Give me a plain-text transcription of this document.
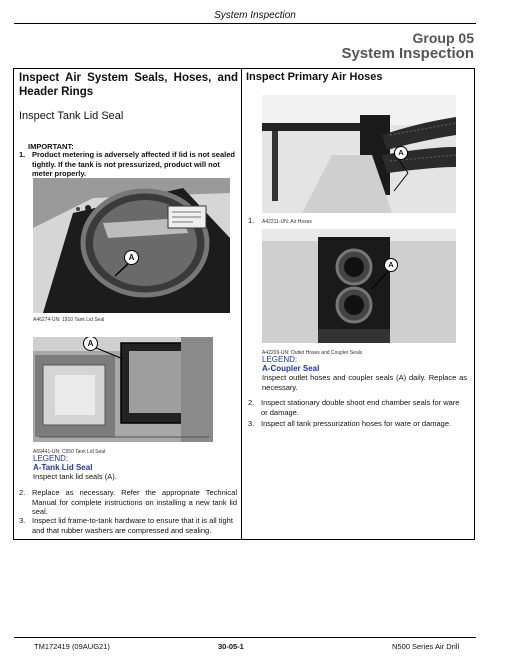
System Inspection
Group 05
System Inspection
Inspect Air System Seals, Hoses, and Header Rings
Inspect Tank Lid Seal
IMPORTANT:
1. Product metering is adversely affected if lid is not sealed tightly. If the tank is not pressurized, product will not meter properly.
A
A46274-UN: 1910 Tank Lid Seal
A
A69441-UN: C550 Tank Lid Seal
LEGEND:
A-Tank Lid Seal
Inspect tank lid seals (A).
2. Replace as necessary. Refer the appropriate Technical Manual for complete instructions on installing a new tank lid seal.
3. Inspect lid frame-to-tank hardware to ensure that it is all tight and that rubber washers are compressed and sealing.
Inspect Primary Air Hoses
A
1. A42211-UN: Air Hoses
A
A42209-UN: Outlet Hoses and Coupler Seals
LEGEND:
A-Coupler Seal
Inspect outlet hoses and coupler seals (A) daily. Replace as necessary.
2. Inspect stationary double shoot end chamber seals for ware or damage.
3. Inspect all tank pressurization hoses for ware or damage.
TM172419 (09AUG21)	30-05-1	N500 Series Air Drill
